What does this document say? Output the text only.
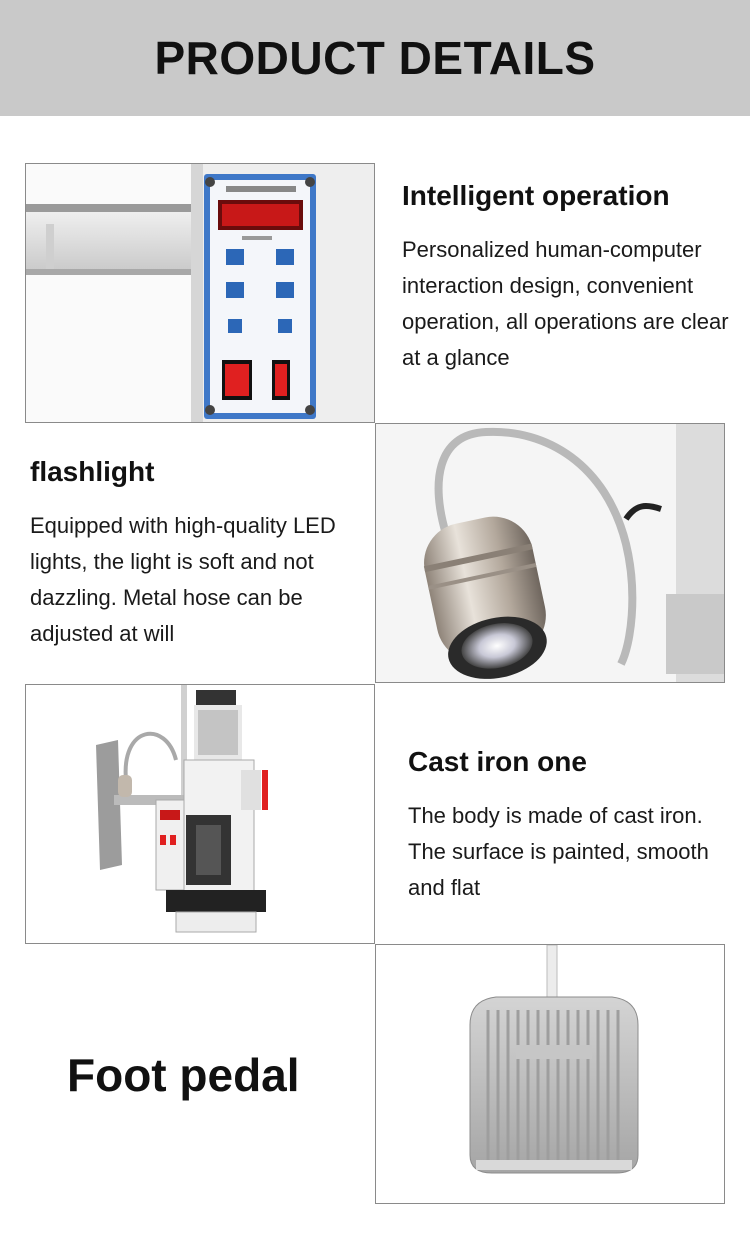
PRODUCT DETAILS
Intelligent operation

Personalized human-computer interaction design, convenient operation, all operations are clear at a glance

flashlight

Equipped with high-quality LED lights, the light is soft and not dazzling. Metal hose can be adjusted at will

Cast iron one

The body is made of cast iron. The surface is painted, smooth and flat

Foot pedal
